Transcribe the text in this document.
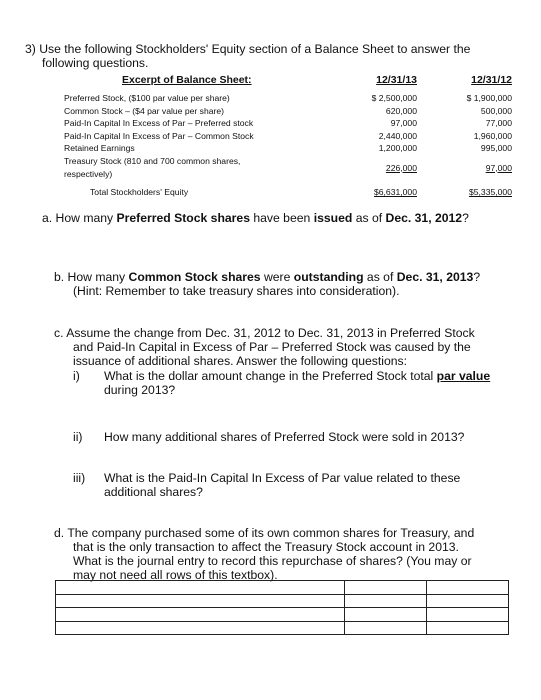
3) Use the following Stockholders' Equity section of a Balance Sheet to answer the
following questions.
Excerpt of Balance Sheet:	12/31/13	12/31/12
Preferred Stock, ($100 par value per share)	$ 2,500,000	$ 1,900,000
Common Stock – ($4 par value per share)	620,000	500,000
Paid-In Capital In Excess of Par – Preferred stock	97,000	77,000
Paid-In Capital In Excess of Par – Common Stock	2,440,000	1,960,000
Retained Earnings	1,200,000	995,000
Treasury Stock (810 and 700 common shares,
respectively)
226,000	97,000
Total Stockholders' Equity	$6,631,000	$5,335,000
a. How many Preferred Stock shares have been issued as of Dec. 31, 2012?
b. How many Common Stock shares were outstanding as of Dec. 31, 2013?
(Hint: Remember to take treasury shares into consideration).
c. Assume the change from Dec. 31, 2012 to Dec. 31, 2013 in Preferred Stock
and Paid-In Capital in Excess of Par – Preferred Stock was caused by the
issuance of additional shares. Answer the following questions:
i) What is the dollar amount change in the Preferred Stock total par value
during 2013?
ii) How many additional shares of Preferred Stock were sold in 2013?
iii) What is the Paid-In Capital In Excess of Par value related to these
additional shares?
d. The company purchased some of its own common shares for Treasury, and
that is the only transaction to affect the Treasury Stock account in 2013.
What is the journal entry to record this repurchase of shares? (You may or
may not need all rows of this textbox).
